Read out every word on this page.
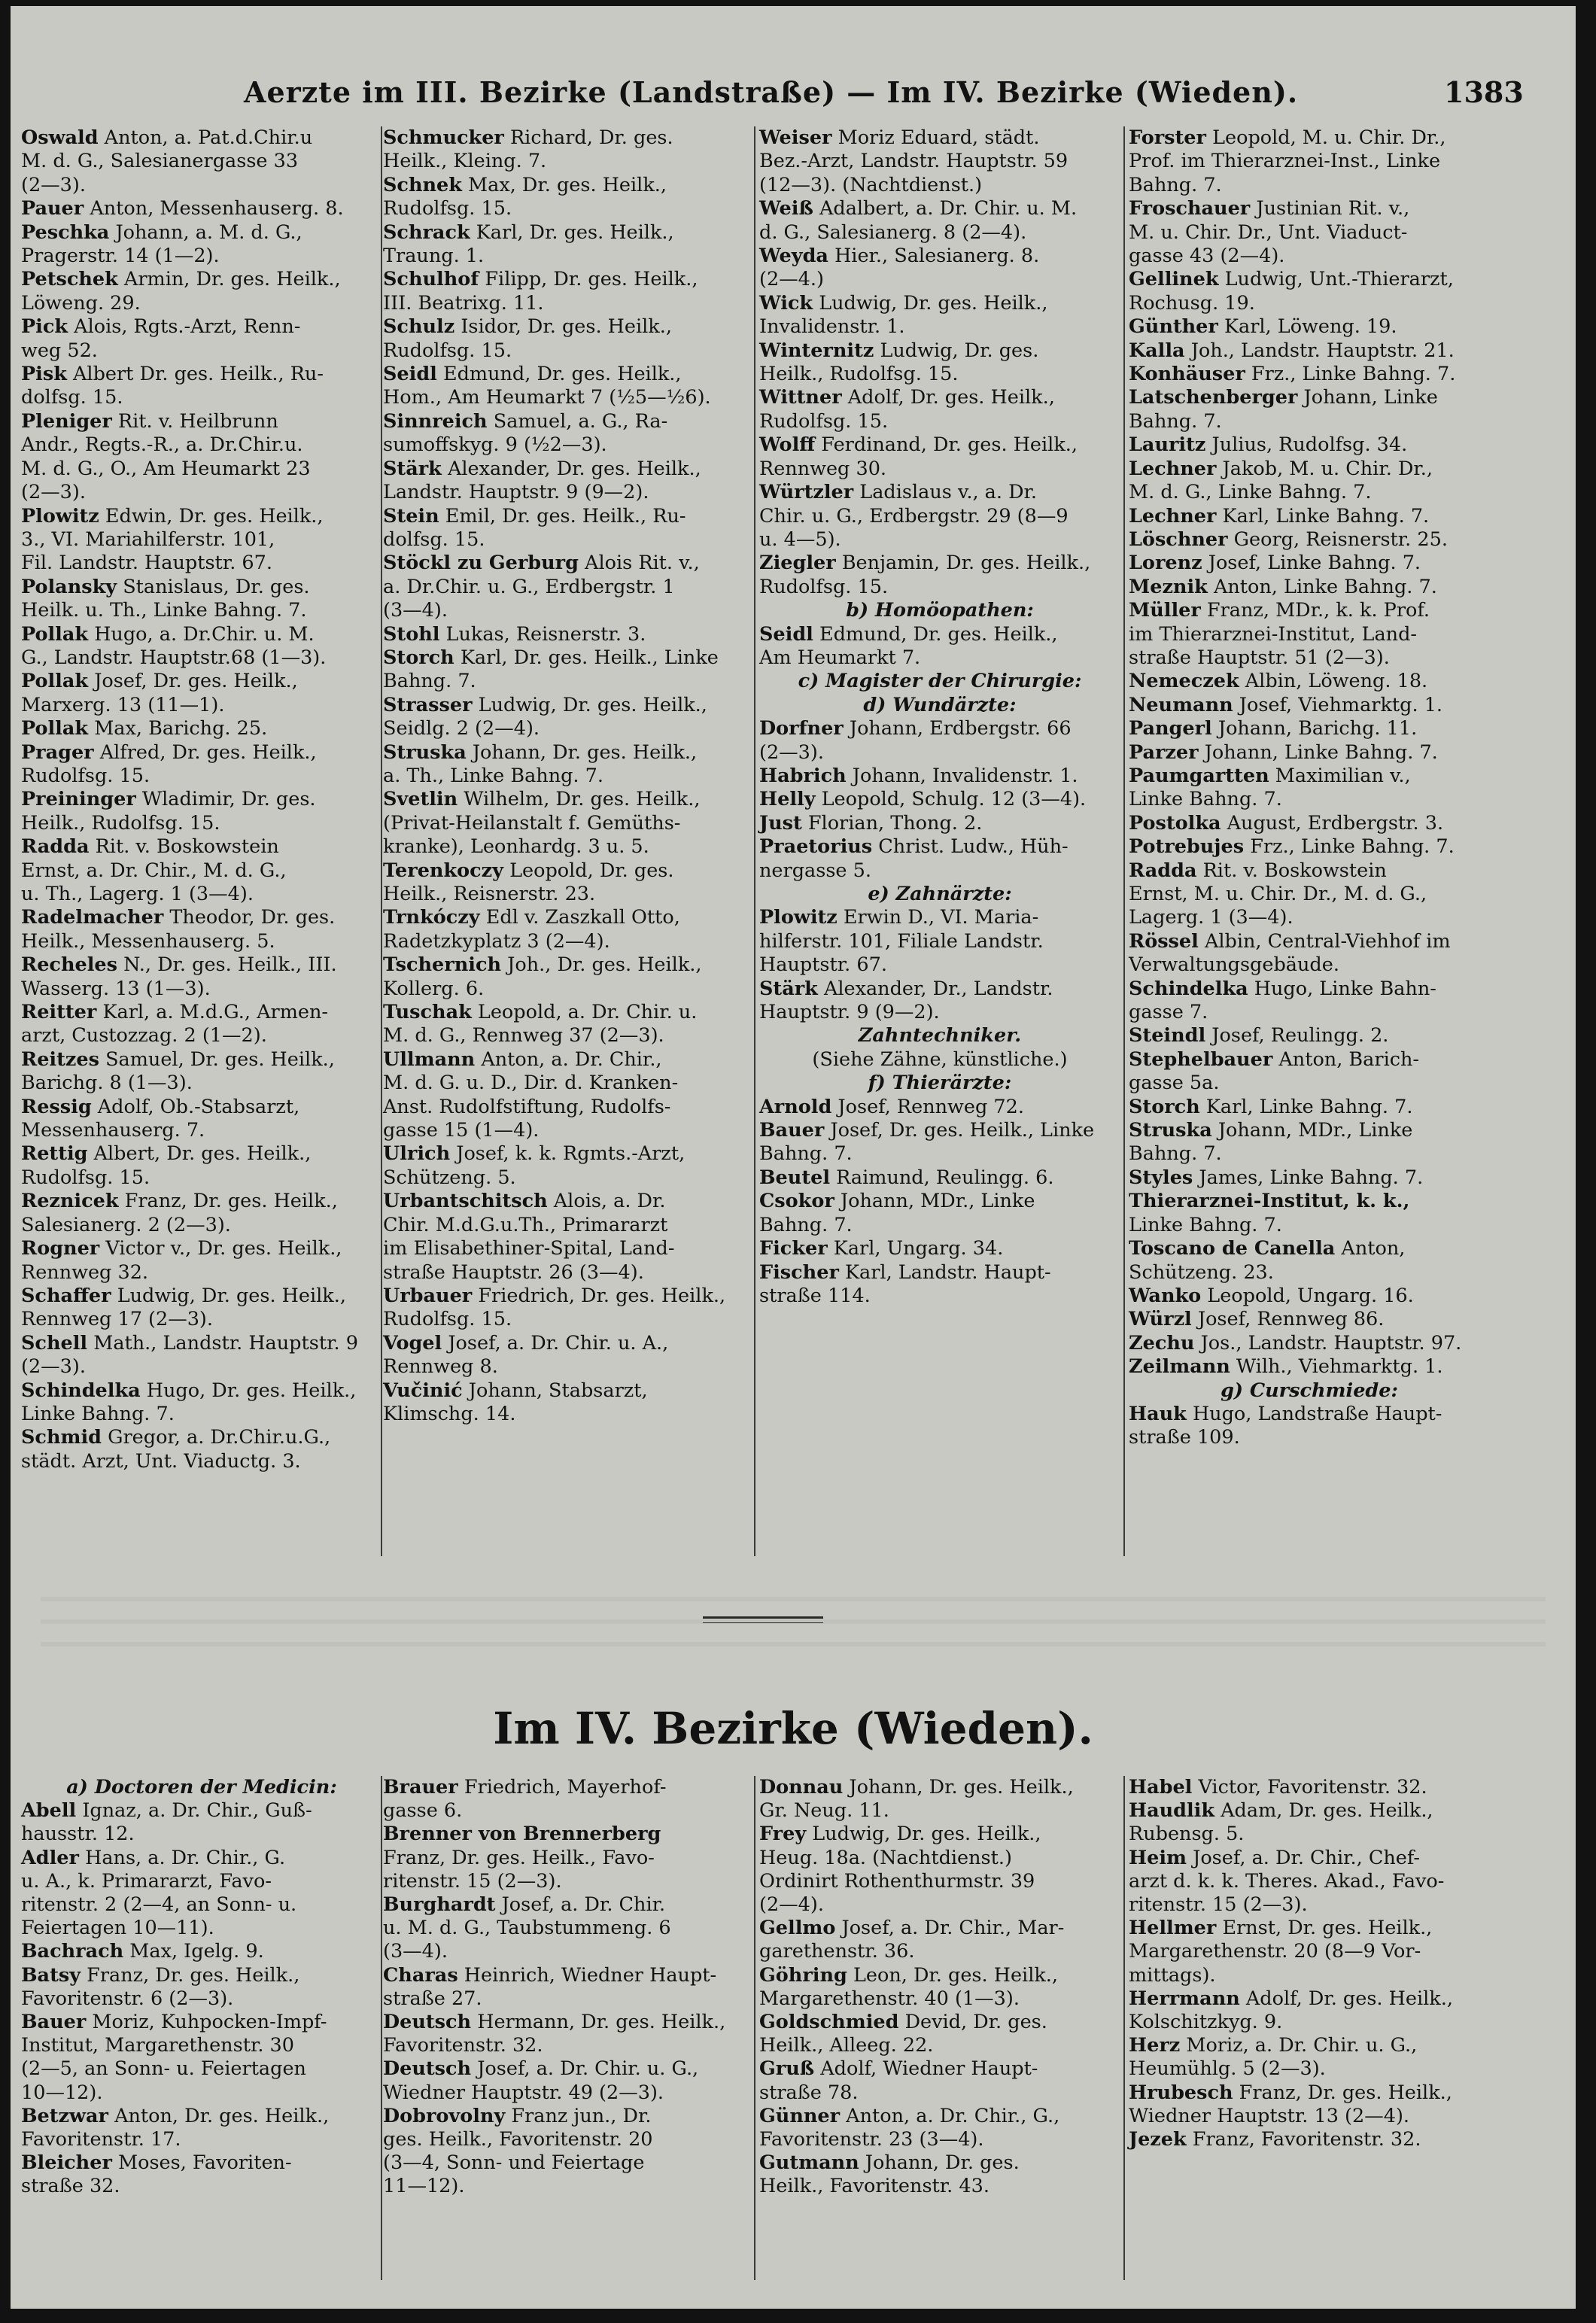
Aerzte im III. Bezirke (Landstraße) — Im IV. Bezirke (Wieden).	1383
Oswald Anton, a. Pat.d.Chir.u
M. d. G., Salesianergasse 33
(2—3).
Pauer Anton, Messenhauserg. 8.
Peschka Johann, a. M. d. G.,
Pragerstr. 14 (1—2).
Petschek Armin, Dr. ges. Heilk.,
Löweng. 29.
Pick Alois, Rgts.-Arzt, Renn-
weg 52.
Pisk Albert Dr. ges. Heilk., Ru-
dolfsg. 15.
Pleniger Rit. v. Heilbrunn
Andr., Regts.-R., a. Dr.Chir.u.
M. d. G., O., Am Heumarkt 23
(2—3).
Plowitz Edwin, Dr. ges. Heilk.,
3., VI. Mariahilferstr. 101,
Fil. Landstr. Hauptstr. 67.
Polansky Stanislaus, Dr. ges.
Heilk. u. Th., Linke Bahng. 7.
Pollak Hugo, a. Dr.Chir. u. M.
G., Landstr. Hauptstr.68 (1—3).
Pollak Josef, Dr. ges. Heilk.,
Marxerg. 13 (11—1).
Pollak Max, Barichg. 25.
Prager Alfred, Dr. ges. Heilk.,
Rudolfsg. 15.
Preininger Wladimir, Dr. ges.
Heilk., Rudolfsg. 15.
Radda Rit. v. Boskowstein
Ernst, a. Dr. Chir., M. d. G.,
u. Th., Lagerg. 1 (3—4).
Radelmacher Theodor, Dr. ges.
Heilk., Messenhauserg. 5.
Recheles N., Dr. ges. Heilk., III.
Wasserg. 13 (1—3).
Reitter Karl, a. M.d.G., Armen-
arzt, Custozzag. 2 (1—2).
Reitzes Samuel, Dr. ges. Heilk.,
Barichg. 8 (1—3).
Ressig Adolf, Ob.-Stabsarzt,
Messenhauserg. 7.
Rettig Albert, Dr. ges. Heilk.,
Rudolfsg. 15.
Reznicek Franz, Dr. ges. Heilk.,
Salesianerg. 2 (2—3).
Rogner Victor v., Dr. ges. Heilk.,
Rennweg 32.
Schaffer Ludwig, Dr. ges. Heilk.,
Rennweg 17 (2—3).
Schell Math., Landstr. Hauptstr. 9
(2—3).
Schindelka Hugo, Dr. ges. Heilk.,
Linke Bahng. 7.
Schmid Gregor, a. Dr.Chir.u.G.,
städt. Arzt, Unt. Viaductg. 3.
Schmucker Richard, Dr. ges.
Heilk., Kleing. 7.
Schnek Max, Dr. ges. Heilk.,
Rudolfsg. 15.
Schrack Karl, Dr. ges. Heilk.,
Traung. 1.
Schulhof Filipp, Dr. ges. Heilk.,
III. Beatrixg. 11.
Schulz Isidor, Dr. ges. Heilk.,
Rudolfsg. 15.
Seidl Edmund, Dr. ges. Heilk.,
Hom., Am Heumarkt 7 (½5—½6).
Sinnreich Samuel, a. G., Ra-
sumoffskyg. 9 (½2—3).
Stärk Alexander, Dr. ges. Heilk.,
Landstr. Hauptstr. 9 (9—2).
Stein Emil, Dr. ges. Heilk., Ru-
dolfsg. 15.
Stöckl zu Gerburg Alois Rit. v.,
a. Dr.Chir. u. G., Erdbergstr. 1
(3—4).
Stohl Lukas, Reisnerstr. 3.
Storch Karl, Dr. ges. Heilk., Linke
Bahng. 7.
Strasser Ludwig, Dr. ges. Heilk.,
Seidlg. 2 (2—4).
Struska Johann, Dr. ges. Heilk.,
a. Th., Linke Bahng. 7.
Svetlin Wilhelm, Dr. ges. Heilk.,
(Privat-Heilanstalt f. Gemüths-
kranke), Leonhardg. 3 u. 5.
Terenkoczy Leopold, Dr. ges.
Heilk., Reisnerstr. 23.
Trnkóczy Edl v. Zaszkall Otto,
Radetzkyplatz 3 (2—4).
Tschernich Joh., Dr. ges. Heilk.,
Kollerg. 6.
Tuschak Leopold, a. Dr. Chir. u.
M. d. G., Rennweg 37 (2—3).
Ullmann Anton, a. Dr. Chir.,
M. d. G. u. D., Dir. d. Kranken-
Anst. Rudolfstiftung, Rudolfs-
gasse 15 (1—4).
Ulrich Josef, k. k. Rgmts.-Arzt,
Schützeng. 5.
Urbantschitsch Alois, a. Dr.
Chir. M.d.G.u.Th., Primararzt
im Elisabethiner-Spital, Land-
straße Hauptstr. 26 (3—4).
Urbauer Friedrich, Dr. ges. Heilk.,
Rudolfsg. 15.
Vogel Josef, a. Dr. Chir. u. A.,
Rennweg 8.
Vučinić Johann, Stabsarzt,
Klimschg. 14.
Weiser Moriz Eduard, städt.
Bez.-Arzt, Landstr. Hauptstr. 59
(12—3). (Nachtdienst.)
Weiß Adalbert, a. Dr. Chir. u. M.
d. G., Salesianerg. 8 (2—4).
Weyda Hier., Salesianerg. 8.
(2—4.)
Wick Ludwig, Dr. ges. Heilk.,
Invalidenstr. 1.
Winternitz Ludwig, Dr. ges.
Heilk., Rudolfsg. 15.
Wittner Adolf, Dr. ges. Heilk.,
Rudolfsg. 15.
Wolff Ferdinand, Dr. ges. Heilk.,
Rennweg 30.
Würtzler Ladislaus v., a. Dr.
Chir. u. G., Erdbergstr. 29 (8—9
u. 4—5).
Ziegler Benjamin, Dr. ges. Heilk.,
Rudolfsg. 15.
b) Homöopathen:
Seidl Edmund, Dr. ges. Heilk.,
Am Heumarkt 7.
c) Magister der Chirurgie:
d) Wundärzte:
Dorfner Johann, Erdbergstr. 66
(2—3).
Habrich Johann, Invalidenstr. 1.
Helly Leopold, Schulg. 12 (3—4).
Just Florian, Thong. 2.
Praetorius Christ. Ludw., Hüh-
nergasse 5.
e) Zahnärzte:
Plowitz Erwin D., VI. Maria-
hilferstr. 101, Filiale Landstr.
Hauptstr. 67.
Stärk Alexander, Dr., Landstr.
Hauptstr. 9 (9—2).
Zahntechniker.
(Siehe Zähne, künstliche.)
f) Thierärzte:
Arnold Josef, Rennweg 72.
Bauer Josef, Dr. ges. Heilk., Linke
Bahng. 7.
Beutel Raimund, Reulingg. 6.
Csokor Johann, MDr., Linke
Bahng. 7.
Ficker Karl, Ungarg. 34.
Fischer Karl, Landstr. Haupt-
straße 114.
Forster Leopold, M. u. Chir. Dr.,
Prof. im Thierarznei-Inst., Linke
Bahng. 7.
Froschauer Justinian Rit. v.,
M. u. Chir. Dr., Unt. Viaduct-
gasse 43 (2—4).
Gellinek Ludwig, Unt.-Thierarzt,
Rochusg. 19.
Günther Karl, Löweng. 19.
Kalla Joh., Landstr. Hauptstr. 21.
Konhäuser Frz., Linke Bahng. 7.
Latschenberger Johann, Linke
Bahng. 7.
Lauritz Julius, Rudolfsg. 34.
Lechner Jakob, M. u. Chir. Dr.,
M. d. G., Linke Bahng. 7.
Lechner Karl, Linke Bahng. 7.
Löschner Georg, Reisnerstr. 25.
Lorenz Josef, Linke Bahng. 7.
Meznik Anton, Linke Bahng. 7.
Müller Franz, MDr., k. k. Prof.
im Thierarznei-Institut, Land-
straße Hauptstr. 51 (2—3).
Nemeczek Albin, Löweng. 18.
Neumann Josef, Viehmarktg. 1.
Pangerl Johann, Barichg. 11.
Parzer Johann, Linke Bahng. 7.
Paumgartten Maximilian v.,
Linke Bahng. 7.
Postolka August, Erdbergstr. 3.
Potrebujes Frz., Linke Bahng. 7.
Radda Rit. v. Boskowstein
Ernst, M. u. Chir. Dr., M. d. G.,
Lagerg. 1 (3—4).
Rössel Albin, Central-Viehhof im
Verwaltungsgebäude.
Schindelka Hugo, Linke Bahn-
gasse 7.
Steindl Josef, Reulingg. 2.
Stephelbauer Anton, Barich-
gasse 5a.
Storch Karl, Linke Bahng. 7.
Struska Johann, MDr., Linke
Bahng. 7.
Styles James, Linke Bahng. 7.
Thierarznei-Institut, k. k.,
Linke Bahng. 7.
Toscano de Canella Anton,
Schützeng. 23.
Wanko Leopold, Ungarg. 16.
Würzl Josef, Rennweg 86.
Zechu Jos., Landstr. Hauptstr. 97.
Zeilmann Wilh., Viehmarktg. 1.
g) Curschmiede:
Hauk Hugo, Landstraße Haupt-
straße 109.
Im IV. Bezirke (Wieden).
a) Doctoren der Medicin:
Abell Ignaz, a. Dr. Chir., Guß-
hausstr. 12.
Adler Hans, a. Dr. Chir., G.
u. A., k. Primararzt, Favo-
ritenstr. 2 (2—4, an Sonn- u.
Feiertagen 10—11).
Bachrach Max, Igelg. 9.
Batsy Franz, Dr. ges. Heilk.,
Favoritenstr. 6 (2—3).
Bauer Moriz, Kuhpocken-Impf-
Institut, Margarethenstr. 30
(2—5, an Sonn- u. Feiertagen
10—12).
Betzwar Anton, Dr. ges. Heilk.,
Favoritenstr. 17.
Bleicher Moses, Favoriten-
straße 32.
Brauer Friedrich, Mayerhof-
gasse 6.
Brenner von Brennerberg
Franz, Dr. ges. Heilk., Favo-
ritenstr. 15 (2—3).
Burghardt Josef, a. Dr. Chir.
u. M. d. G., Taubstummeng. 6
(3—4).
Charas Heinrich, Wiedner Haupt-
straße 27.
Deutsch Hermann, Dr. ges. Heilk.,
Favoritenstr. 32.
Deutsch Josef, a. Dr. Chir. u. G.,
Wiedner Hauptstr. 49 (2—3).
Dobrovolny Franz jun., Dr.
ges. Heilk., Favoritenstr. 20
(3—4, Sonn- und Feiertage
11—12).
Donnau Johann, Dr. ges. Heilk.,
Gr. Neug. 11.
Frey Ludwig, Dr. ges. Heilk.,
Heug. 18a. (Nachtdienst.)
Ordinirt Rothenthurmstr. 39
(2—4).
Gellmo Josef, a. Dr. Chir., Mar-
garethenstr. 36.
Göhring Leon, Dr. ges. Heilk.,
Margarethenstr. 40 (1—3).
Goldschmied Devid, Dr. ges.
Heilk., Alleeg. 22.
Gruß Adolf, Wiedner Haupt-
straße 78.
Günner Anton, a. Dr. Chir., G.,
Favoritenstr. 23 (3—4).
Gutmann Johann, Dr. ges.
Heilk., Favoritenstr. 43.
Habel Victor, Favoritenstr. 32.
Haudlik Adam, Dr. ges. Heilk.,
Rubensg. 5.
Heim Josef, a. Dr. Chir., Chef-
arzt d. k. k. Theres. Akad., Favo-
ritenstr. 15 (2—3).
Hellmer Ernst, Dr. ges. Heilk.,
Margarethenstr. 20 (8—9 Vor-
mittags).
Herrmann Adolf, Dr. ges. Heilk.,
Kolschitzkyg. 9.
Herz Moriz, a. Dr. Chir. u. G.,
Heumühlg. 5 (2—3).
Hrubesch Franz, Dr. ges. Heilk.,
Wiedner Hauptstr. 13 (2—4).
Jezek Franz, Favoritenstr. 32.
